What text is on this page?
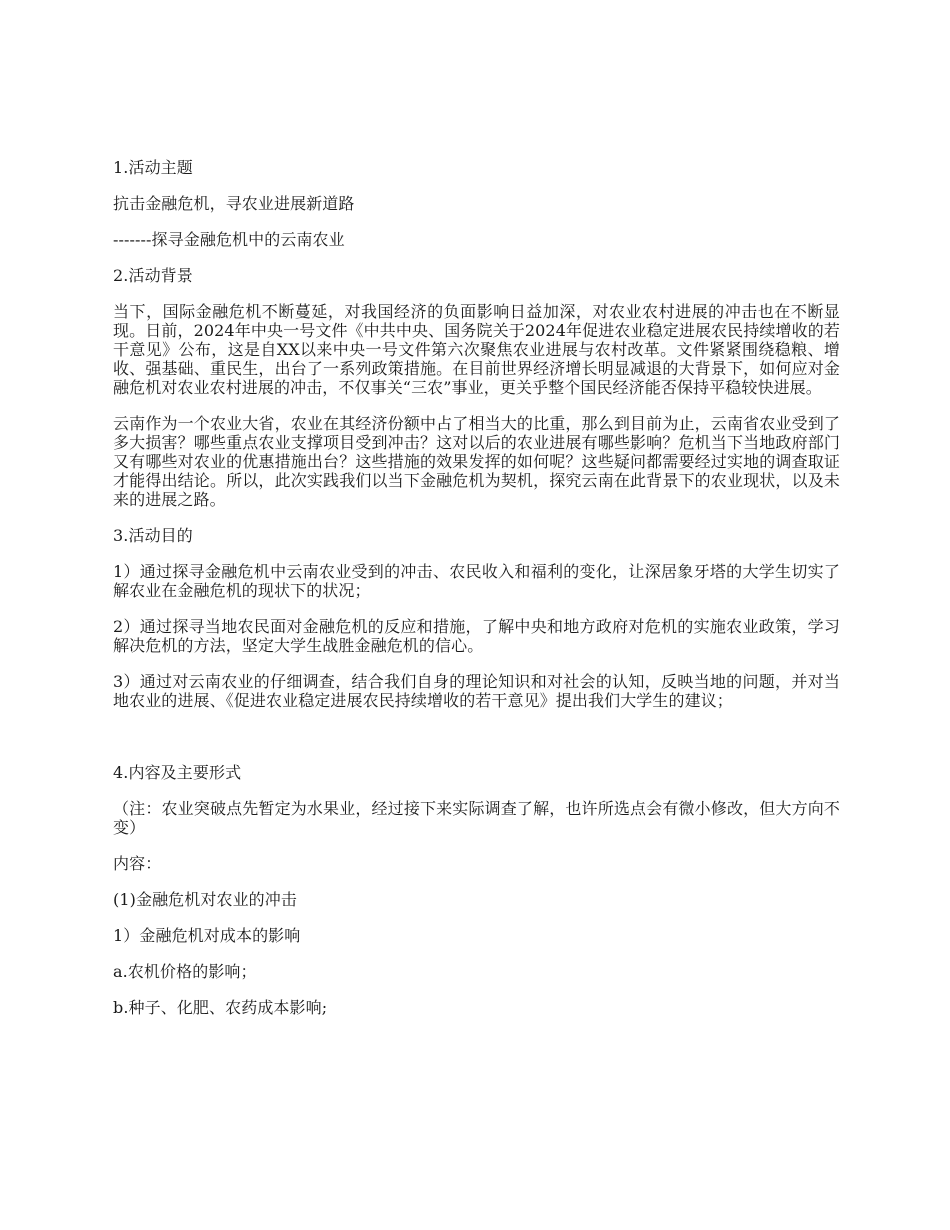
1.活动主题

抗击金融危机，寻农业进展新道路

-------探寻金融危机中的云南农业

2.活动背景

当下，国际金融危机不断蔓延，对我国经济的负面影响日益加深，对农业农村进展的冲击也在不断显现。日前，2024年中央一号文件《中共中央、国务院关于2024年促进农业稳定进展农民持续增收的若干意见》公布，这是自XX以来中央一号文件第六次聚焦农业进展与农村改革。文件紧紧围绕稳粮、增收、强基础、重民生，出台了一系列政策措施。在目前世界经济增长明显减退的大背景下，如何应对金融危机对农业农村进展的冲击，不仅事关“三农”事业，更关乎整个国民经济能否保持平稳较快进展。

云南作为一个农业大省，农业在其经济份额中占了相当大的比重，那么到目前为止，云南省农业受到了多大损害？哪些重点农业支撑项目受到冲击？这对以后的农业进展有哪些影响？危机当下当地政府部门又有哪些对农业的优惠措施出台？这些措施的效果发挥的如何呢？这些疑问都需要经过实地的调查取证才能得出结论。所以，此次实践我们以当下金融危机为契机，探究云南在此背景下的农业现状，以及未来的进展之路。

3.活动目的

1）通过探寻金融危机中云南农业受到的冲击、农民收入和福利的变化，让深居象牙塔的大学生切实了解农业在金融危机的现状下的状况；

2）通过探寻当地农民面对金融危机的反应和措施，了解中央和地方政府对危机的实施农业政策，学习解决危机的方法，坚定大学生战胜金融危机的信心。

3）通过对云南农业的仔细调查，结合我们自身的理论知识和对社会的认知，反映当地的问题，并对当地农业的进展、《促进农业稳定进展农民持续增收的若干意见》提出我们大学生的建议；

4.内容及主要形式

（注：农业突破点先暂定为水果业，经过接下来实际调查了解，也许所选点会有微小修改，但大方向不变）

内容：

(1)金融危机对农业的冲击

1）金融危机对成本的影响

a.农机价格的影响；

b.种子、化肥、农药成本影响;
